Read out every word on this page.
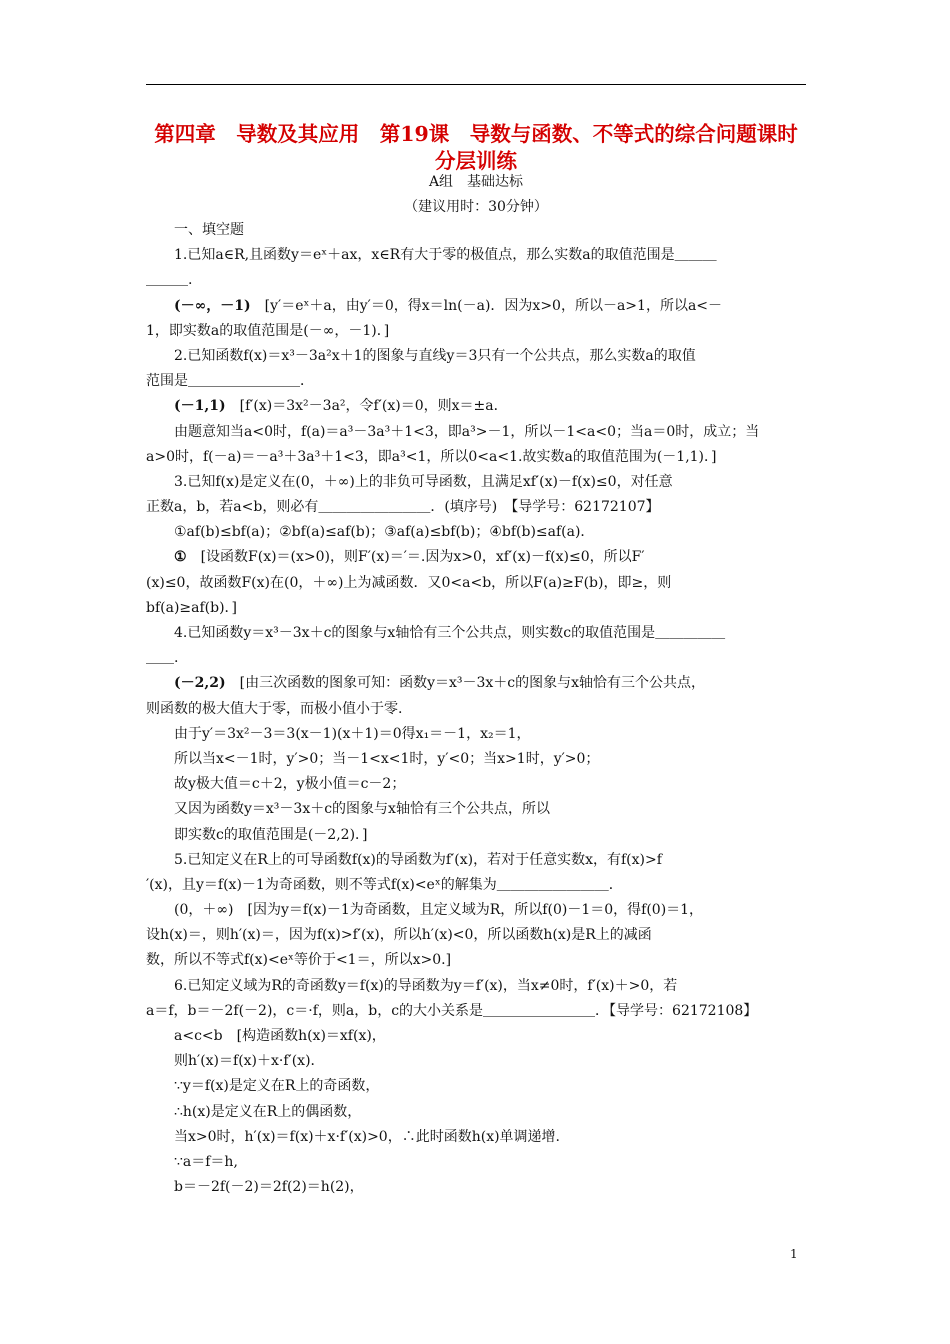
第四章　导数及其应用　第19课　导数与函数、不等式的综合问题课时
分层训练
A组　基础达标
（建议用时：30分钟）
一、填空题
1.已知a∈R,且函数y＝eˣ＋ax，x∈R有大于零的极值点，那么实数a的取值范围是＿＿＿
＿＿＿.
(－∞，－1)　[y′＝eˣ＋a，由y′＝0，得x＝ln(－a)．因为x>0，所以－a>1，所以a<－
1，即实数a的取值范围是(－∞，－1)．]
2.已知函数f(x)＝x³－3a²x＋1的图象与直线y＝3只有一个公共点，那么实数a的取值
范围是＿＿＿＿＿＿＿＿．
(－1,1)　[f′(x)＝3x²－3a²，令f′(x)＝0，则x＝±a．
由题意知当a<0时，f(a)＝a³－3a³＋1<3，即a³>－1，所以－1<a<0；当a＝0时，成立；当
a>0时，f(－a)＝－a³＋3a³＋1<3，即a³<1，所以0<a<1.故实数a的取值范围为(－1,1)．]
3.已知f(x)是定义在(0，＋∞)上的非负可导函数，且满足xf′(x)－f(x)≤0，对任意
正数a，b，若a<b，则必有＿＿＿＿＿＿＿＿．(填序号)　【导学号：62172107】
①af(b)≤bf(a)；②bf(a)≤af(b)；③af(a)≤bf(b)；④bf(b)≤af(a)．
①　[设函数F(x)＝(x>0)，则F′(x)＝′＝.因为x>0，xf′(x)－f(x)≤0，所以F′
(x)≤0，故函数F(x)在(0，＋∞)上为减函数．又0<a<b，所以F(a)≥F(b)，即≥，则
bf(a)≥af(b)．]
4.已知函数y＝x³－3x＋c的图象与x轴恰有三个公共点，则实数c的取值范围是＿＿＿＿＿
＿＿.
(－2,2)　[由三次函数的图象可知：函数y＝x³－3x＋c的图象与x轴恰有三个公共点，
则函数的极大值大于零，而极小值小于零.
由于y′＝3x²－3＝3(x－1)(x＋1)＝0得x₁＝－1，x₂＝1，
所以当x<－1时，y′>0；当－1<x<1时，y′<0；当x>1时，y′>0；
故y极大值＝c＋2，y极小值＝c－2；
又因为函数y＝x³－3x＋c的图象与x轴恰有三个公共点，所以
即实数c的取值范围是(－2,2)．]
5.已知定义在R上的可导函数f(x)的导函数为f′(x)，若对于任意实数x，有f(x)>f
′(x)，且y＝f(x)－1为奇函数，则不等式f(x)<eˣ的解集为＿＿＿＿＿＿＿＿．
(0，＋∞)　[因为y＝f(x)－1为奇函数，且定义域为R，所以f(0)－1＝0，得f(0)＝1，
设h(x)＝，则h′(x)＝，因为f(x)>f′(x)，所以h′(x)<0，所以函数h(x)是R上的减函
数，所以不等式f(x)<eˣ等价于<1＝，所以x>0.]
6.已知定义域为R的奇函数y＝f(x)的导函数为y＝f′(x)，当x≠0时，f′(x)＋>0，若
a＝f，b＝－2f(－2)，c＝·f，则a，b，c的大小关系是＿＿＿＿＿＿＿＿．【导学号：62172108】
a<c<b　[构造函数h(x)＝xf(x)，
则h′(x)＝f(x)＋x·f′(x)．
∵y＝f(x)是定义在R上的奇函数，
∴h(x)是定义在R上的偶函数，
当x>0时，h′(x)＝f(x)＋x·f′(x)>0，∴此时函数h(x)单调递增.
∵a＝f＝h,
b＝－2f(－2)＝2f(2)＝h(2)，
1
